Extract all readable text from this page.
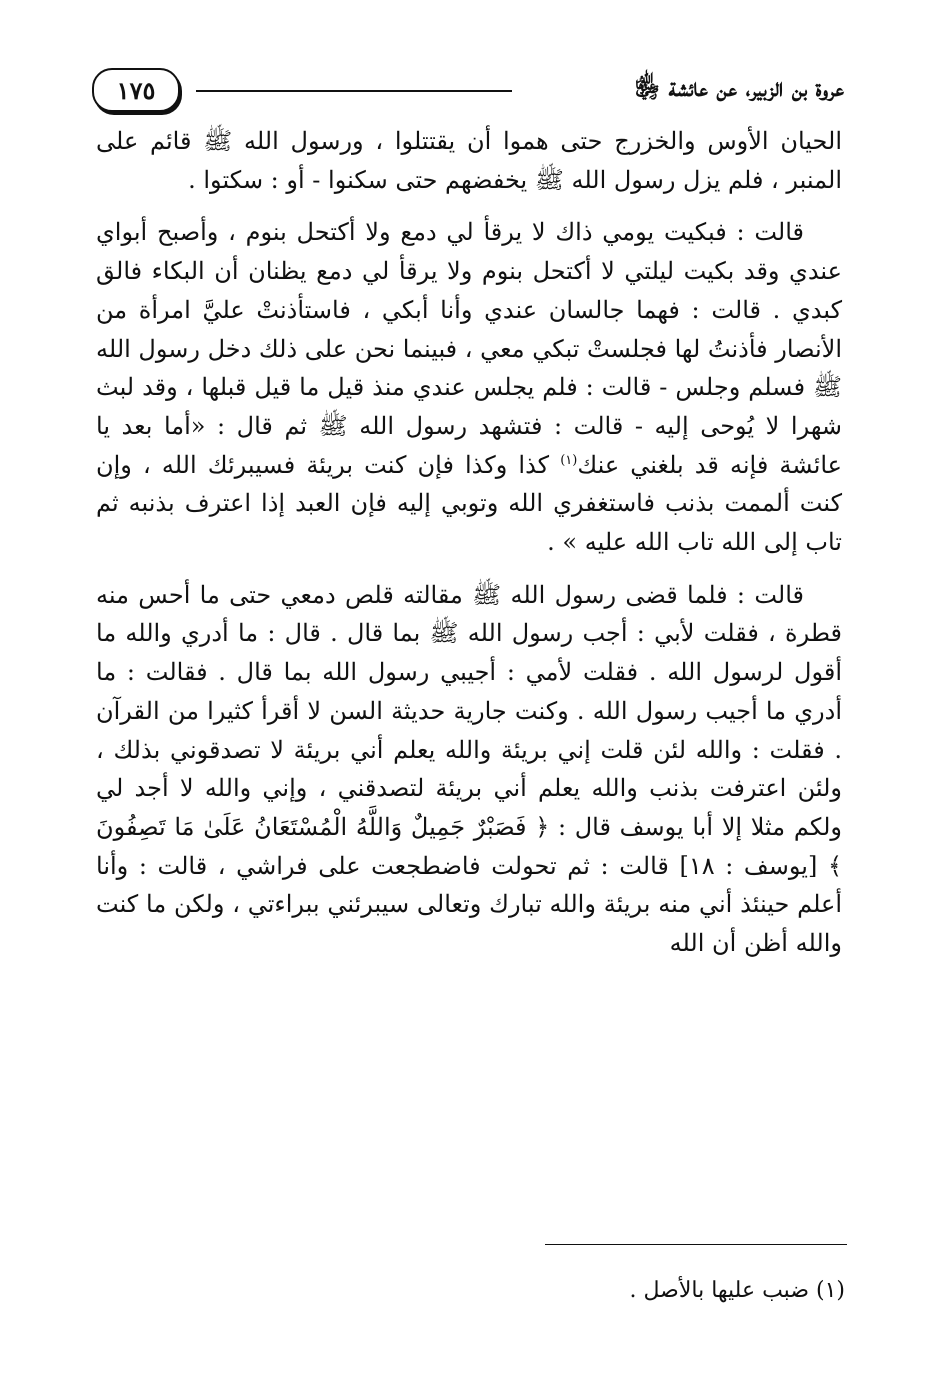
عروة بن الزبير، عن عائشة ﵂
١٧٥

الحيان الأوس والخزرج حتى هموا أن يقتتلوا ، ورسول الله ﷺ قائم على المنبر ، فلم يزل رسول الله ﷺ يخفضهم حتى سكنوا - أو : سكتوا .

قالت : فبكيت يومي ذاك لا يرقأ لي دمع ولا أكتحل بنوم ، وأصبح أبواي عندي وقد بكيت ليلتي لا أكتحل بنوم ولا يرقأ لي دمع يظنان أن البكاء فالق كبدي . قالت : فهما جالسان عندي وأنا أبكي ، فاستأذنتْ عليَّ امرأة من الأنصار فأذنتُ لها فجلستْ تبكي معي ، فبينما نحن على ذلك دخل رسول الله ﷺ فسلم وجلس - قالت : فلم يجلس عندي منذ قيل ما قيل قبلها ، وقد لبث شهرا لا يُوحى إليه - قالت : فتشهد رسول الله ﷺ ثم قال : «أما بعد يا عائشة فإنه قد بلغني عنك$^{(١)}$ كذا وكذا فإن كنت بريئة فسيبرئك الله ، وإن كنت ألممت بذنب فاستغفري الله وتوبي إليه فإن العبد إذا اعترف بذنبه ثم تاب إلى الله تاب الله عليه » .

قالت : فلما قضى رسول الله ﷺ مقالته قلص دمعي حتى ما أحس منه قطرة ، فقلت لأبي : أجب رسول الله ﷺ بما قال . قال : ما أدري والله ما أقول لرسول الله . فقلت لأمي : أجيبي رسول الله بما قال . فقالت : ما أدري ما أجيب رسول الله . وكنت جارية حديثة السن لا أقرأ كثيرا من القرآن . فقلت : والله لئن قلت إني بريئة والله يعلم أني بريئة لا تصدقوني بذلك ، ولئن اعترفت بذنب والله يعلم أني بريئة لتصدقني ، وإني والله لا أجد لي ولكم مثلا إلا أبا يوسف قال : ﴿ فَصَبْرٌ جَمِيلٌ وَاللَّهُ الْمُسْتَعَانُ عَلَىٰ مَا تَصِفُونَ ﴾ [يوسف : ١٨] قالت : ثم تحولت فاضطجعت على فراشي ، قالت : وأنا أعلم حينئذ أني منه بريئة والله تبارك وتعالى سيبرئني ببراءتي ، ولكن ما كنت والله أظن أن الله

(١) ضبب عليها بالأصل .
